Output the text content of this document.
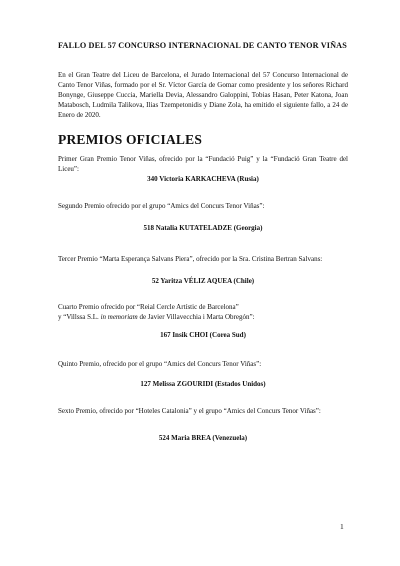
FALLO DEL 57 CONCURSO INTERNACIONAL DE CANTO TENOR VIÑAS
En el Gran Teatre del Liceu de Barcelona, el Jurado Internacional del 57 Concurso Internacional de Canto Tenor Viñas, formado por el Sr. Víctor García de Gomar como presidente y los señores Richard Bonynge, Giuseppe Cuccia, Mariella Devia, Alessandro Galoppini, Tobias Hasan, Peter Katona, Joan Matabosch, Ludmila Talikova, Ilias Tzempetonidis y Diane Zola, ha emitido el siguiente fallo, a 24 de Enero de 2020.
PREMIOS OFICIALES
Primer Gran Premio Tenor Viñas, ofrecido por la “Fundació Puig” y la “Fundació Gran Teatre del Liceu”:
340 Victoria KARKACHEVA (Rusia)
Segundo Premio ofrecido por el grupo “Amics del Concurs Tenor Viñas”:
518 Natalia KUTATELADZE (Georgia)
Tercer Premio “Marta Esperança Salvans Piera”, ofrecido por la Sra. Cristina Bertran Salvans:
52 Yaritza VÉLIZ AQUEA (Chile)
Cuarto Premio ofrecido por “Reial Cercle Artístic de Barcelona”
y “Villssa S.L. in memoriam de Javier Villavecchia i Marta Obregón”:
167 Insik CHOI (Corea Sud)
Quinto Premio, ofrecido por el grupo “Amics del Concurs Tenor Viñas”:
127 Melissa ZGOURIDI (Estados Unidos)
Sexto Premio, ofrecido por “Hoteles Catalonia” y el grupo “Amics del Concurs Tenor Viñas”:
524 Maria BREA (Venezuela)
1
